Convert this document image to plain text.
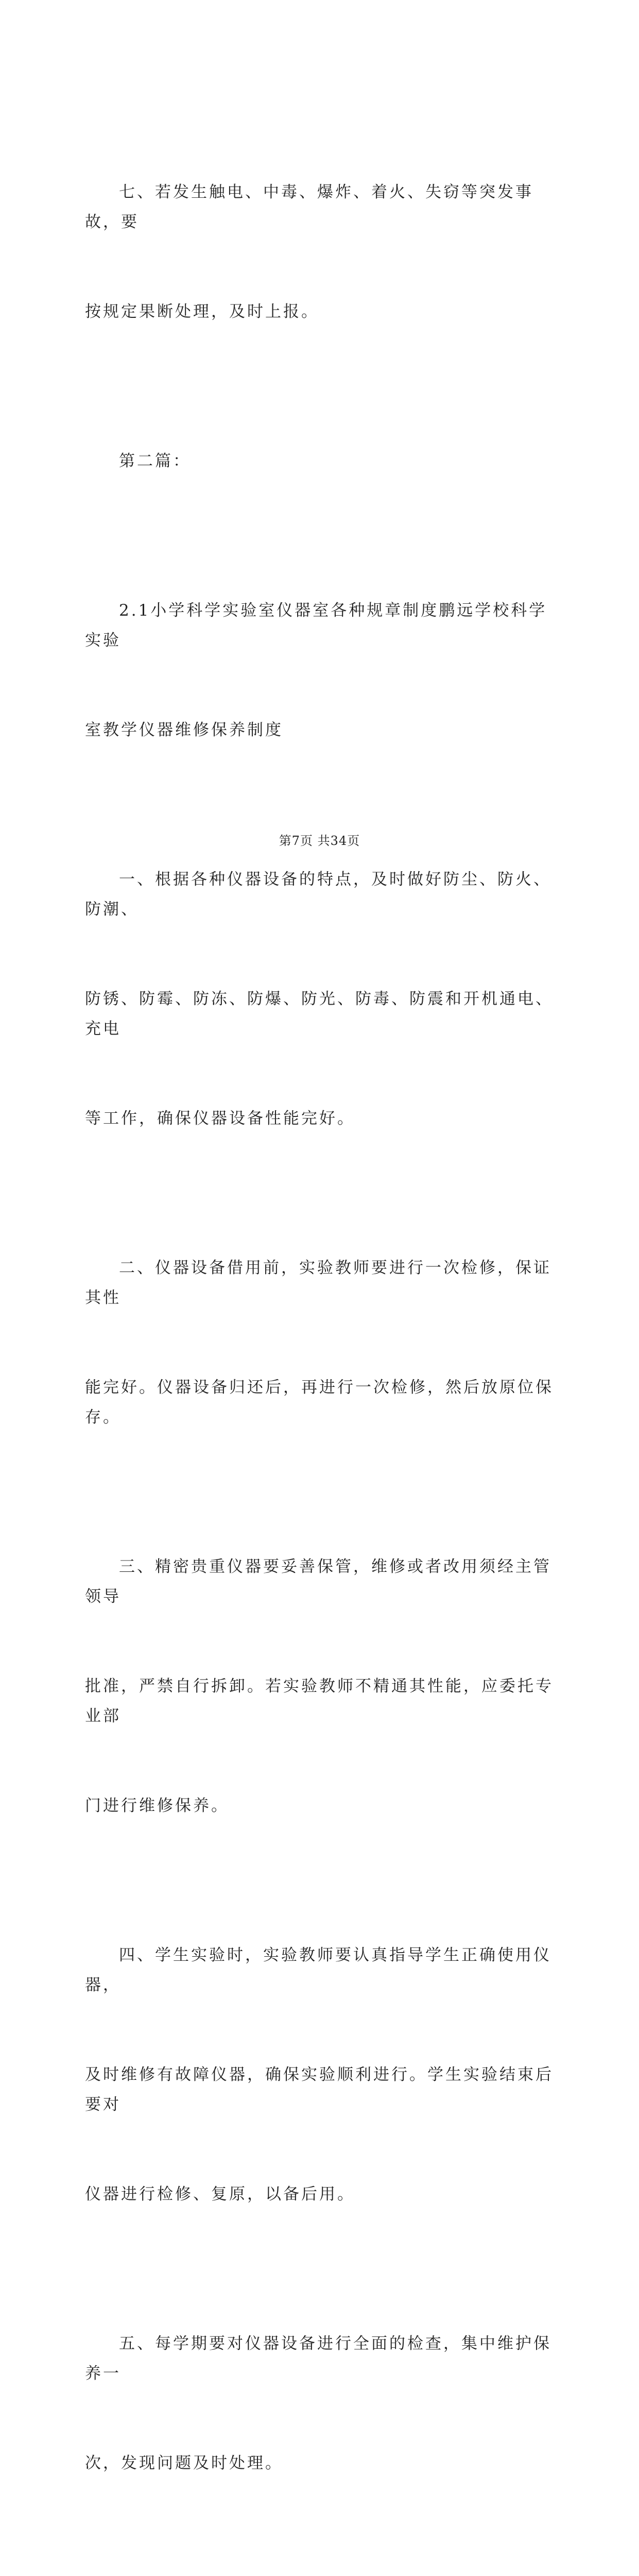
七、若发生触电、中毒、爆炸、着火、失窃等突发事故，要

按规定果断处理，及时上报。

第二篇：

2.1小学科学实验室仪器室各种规章制度鹏远学校科学实验

室教学仪器维修保养制度

一、根据各种仪器设备的特点，及时做好防尘、防火、防潮、

防锈、防霉、防冻、防爆、防光、防毒、防震和开机通电、充电

等工作，确保仪器设备性能完好。

二、仪器设备借用前，实验教师要进行一次检修，保证其性

能完好。仪器设备归还后，再进行一次检修，然后放原位保存。

三、精密贵重仪器要妥善保管，维修或者改用须经主管领导

批准，严禁自行拆卸。若实验教师不精通其性能，应委托专业部

门进行维修保养。

四、学生实验时，实验教师要认真指导学生正确使用仪器，

及时维修有故障仪器，确保实验顺利进行。学生实验结束后要对

仪器进行检修、复原，以备后用。

五、每学期要对仪器设备进行全面的检查，集中维护保养一

次，发现问题及时处理。

第7页 共34页
